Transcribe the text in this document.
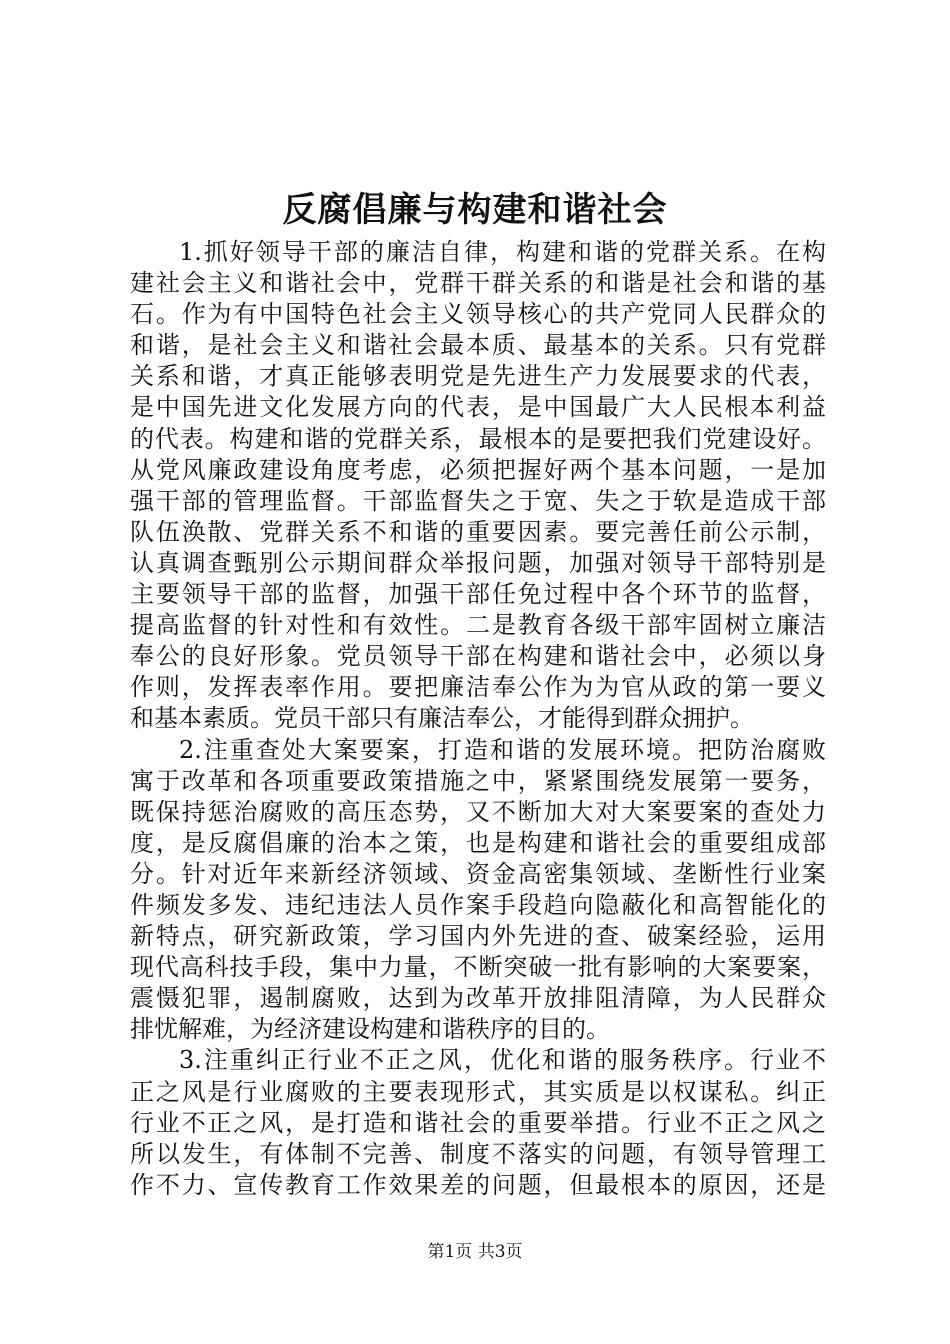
反腐倡廉与构建和谐社会
1.抓好领导干部的廉洁自律，构建和谐的党群关系。在构
建社会主义和谐社会中，党群干群关系的和谐是社会和谐的基
石。作为有中国特色社会主义领导核心的共产党同人民群众的
和谐，是社会主义和谐社会最本质、最基本的关系。只有党群
关系和谐，才真正能够表明党是先进生产力发展要求的代表，
是中国先进文化发展方向的代表，是中国最广大人民根本利益
的代表。构建和谐的党群关系，最根本的是要把我们党建设好。
从党风廉政建设角度考虑，必须把握好两个基本问题，一是加
强干部的管理监督。干部监督失之于宽、失之于软是造成干部
队伍涣散、党群关系不和谐的重要因素。要完善任前公示制，
认真调查甄别公示期间群众举报问题，加强对领导干部特别是
主要领导干部的监督，加强干部任免过程中各个环节的监督，
提高监督的针对性和有效性。二是教育各级干部牢固树立廉洁
奉公的良好形象。党员领导干部在构建和谐社会中，必须以身
作则，发挥表率作用。要把廉洁奉公作为为官从政的第一要义
和基本素质。党员干部只有廉洁奉公，才能得到群众拥护。
2.注重查处大案要案，打造和谐的发展环境。把防治腐败
寓于改革和各项重要政策措施之中，紧紧围绕发展第一要务，
既保持惩治腐败的高压态势，又不断加大对大案要案的查处力
度，是反腐倡廉的治本之策，也是构建和谐社会的重要组成部
分。针对近年来新经济领域、资金高密集领域、垄断性行业案
件频发多发、违纪违法人员作案手段趋向隐蔽化和高智能化的
新特点，研究新政策，学习国内外先进的查、破案经验，运用
现代高科技手段，集中力量，不断突破一批有影响的大案要案，
震慑犯罪，遏制腐败，达到为改革开放排阻清障，为人民群众
排忧解难，为经济建设构建和谐秩序的目的。
3.注重纠正行业不正之风，优化和谐的服务秩序。行业不
正之风是行业腐败的主要表现形式，其实质是以权谋私。纠正
行业不正之风，是打造和谐社会的重要举措。行业不正之风之
所以发生，有体制不完善、制度不落实的问题，有领导管理工
作不力、宣传教育工作效果差的问题，但最根本的原因，还是
第1页 共3页
